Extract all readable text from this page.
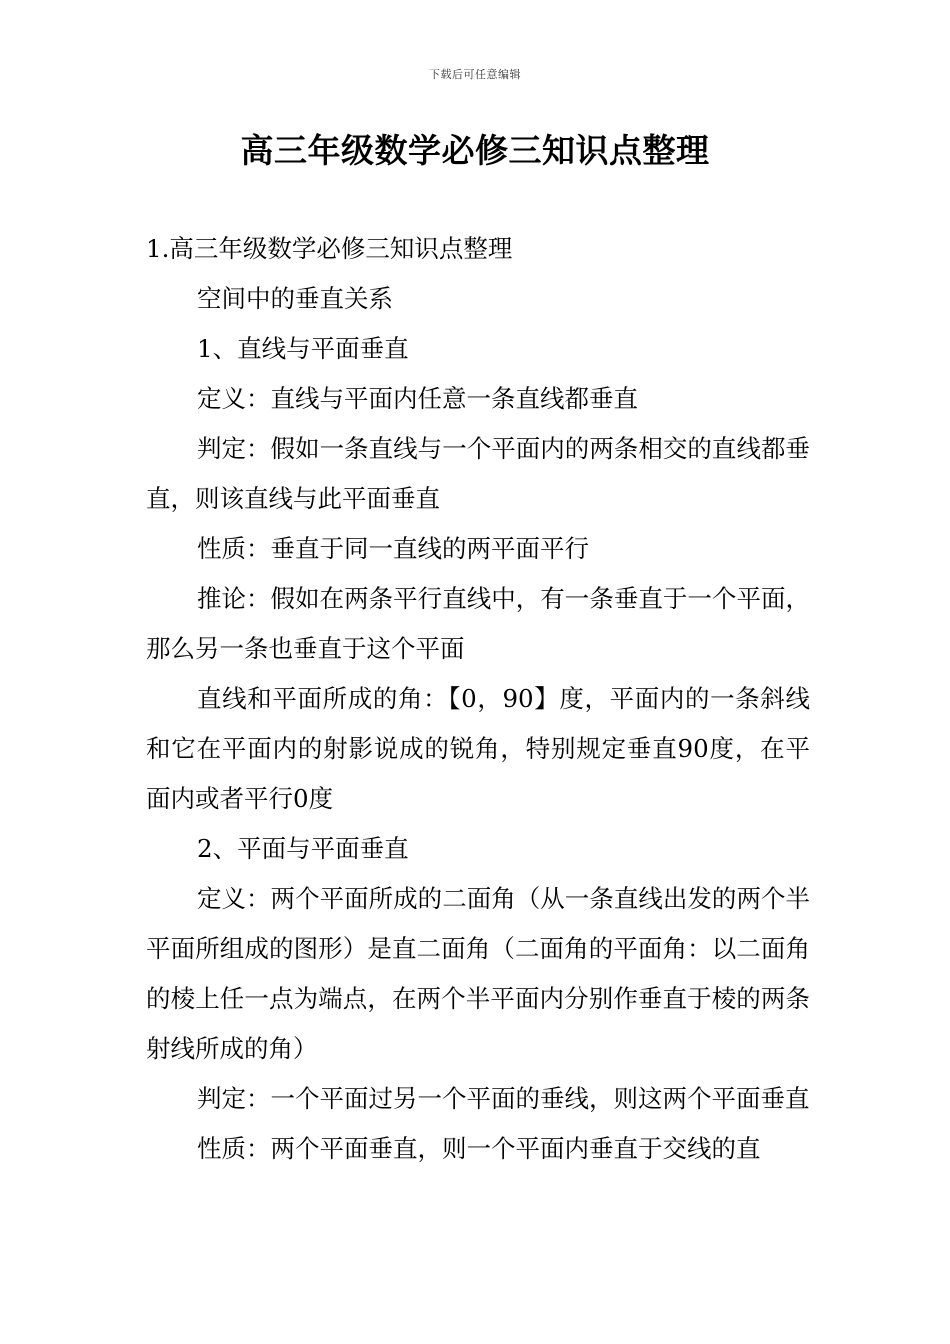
下载后可任意编辑
高三年级数学必修三知识点整理

1.高三年级数学必修三知识点整理

空间中的垂直关系

1、直线与平面垂直

定义：直线与平面内任意一条直线都垂直

判定：假如一条直线与一个平面内的两条相交的直线都垂直，则该直线与此平面垂直

性质：垂直于同一直线的两平面平行

推论：假如在两条平行直线中，有一条垂直于一个平面，那么另一条也垂直于这个平面

直线和平面所成的角：【0，90】度，平面内的一条斜线和它在平面内的射影说成的锐角，特别规定垂直90度，在平面内或者平行0度

2、平面与平面垂直

定义：两个平面所成的二面角（从一条直线出发的两个半平面所组成的图形）是直二面角（二面角的平面角：以二面角的棱上任一点为端点，在两个半平面内分别作垂直于棱的两条射线所成的角）

判定：一个平面过另一个平面的垂线，则这两个平面垂直

性质：两个平面垂直，则一个平面内垂直于交线的直
